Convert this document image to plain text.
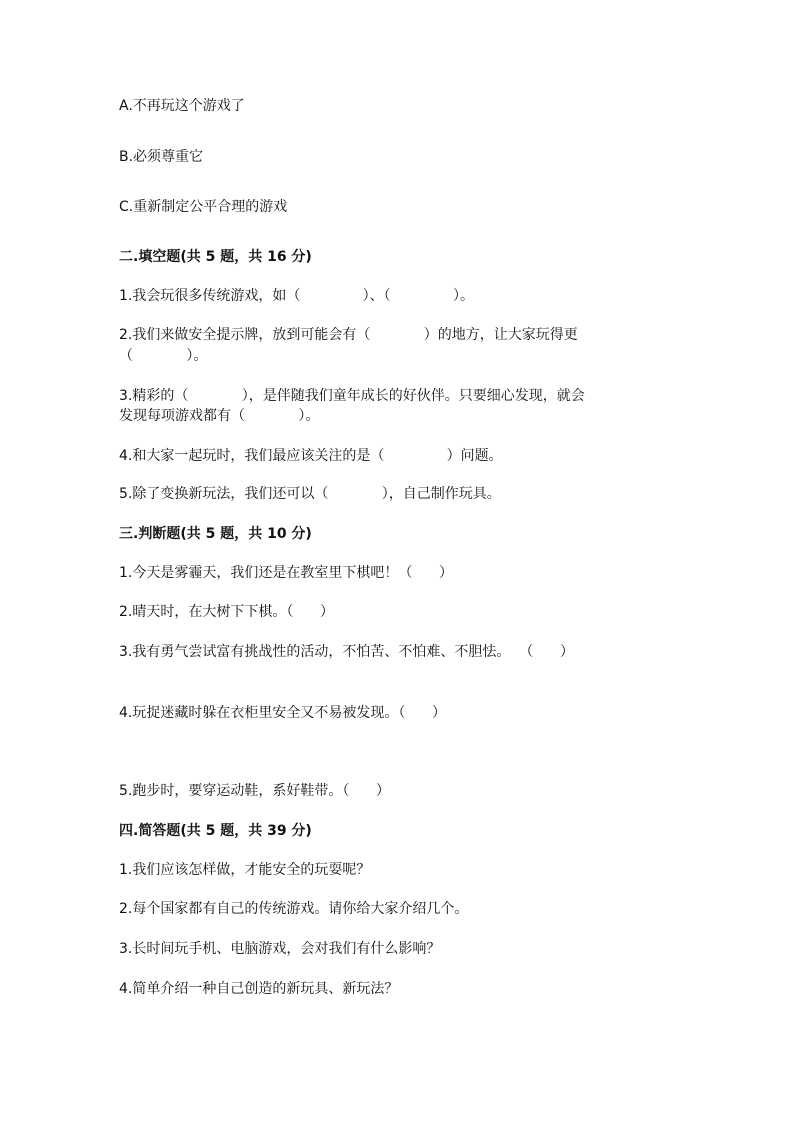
A.不再玩这个游戏了
B.必须尊重它
C.重新制定公平合理的游戏
二.填空题(共 5 题，共 16 分)
1.我会玩很多传统游戏，如（              ）、（              ）。
2.我们来做安全提示牌，放到可能会有（            ）的地方，让大家玩得更
（            ）。
3.精彩的（            ），是伴随我们童年成长的好伙伴。只要细心发现，就会
发现每项游戏都有（            ）。
4.和大家一起玩时，我们最应该关注的是（              ）问题。
5.除了变换新玩法，我们还可以（            ），自己制作玩具。
三.判断题(共 5 题，共 10 分)
1.今天是雾霾天，我们还是在教室里下棋吧！（      ）
2.晴天时，在大树下下棋。（      ）
3.我有勇气尝试富有挑战性的活动，不怕苦、不怕难、不胆怯。  （      ）
4.玩捉迷藏时躲在衣柜里安全又不易被发现。（      ）
5.跑步时，要穿运动鞋，系好鞋带。（      ）
四.简答题(共 5 题，共 39 分)
1.我们应该怎样做，才能安全的玩耍呢？
2.每个国家都有自己的传统游戏。请你给大家介绍几个。
3.长时间玩手机、电脑游戏，会对我们有什么影响？
4.简单介绍一种自己创造的新玩具、新玩法？
